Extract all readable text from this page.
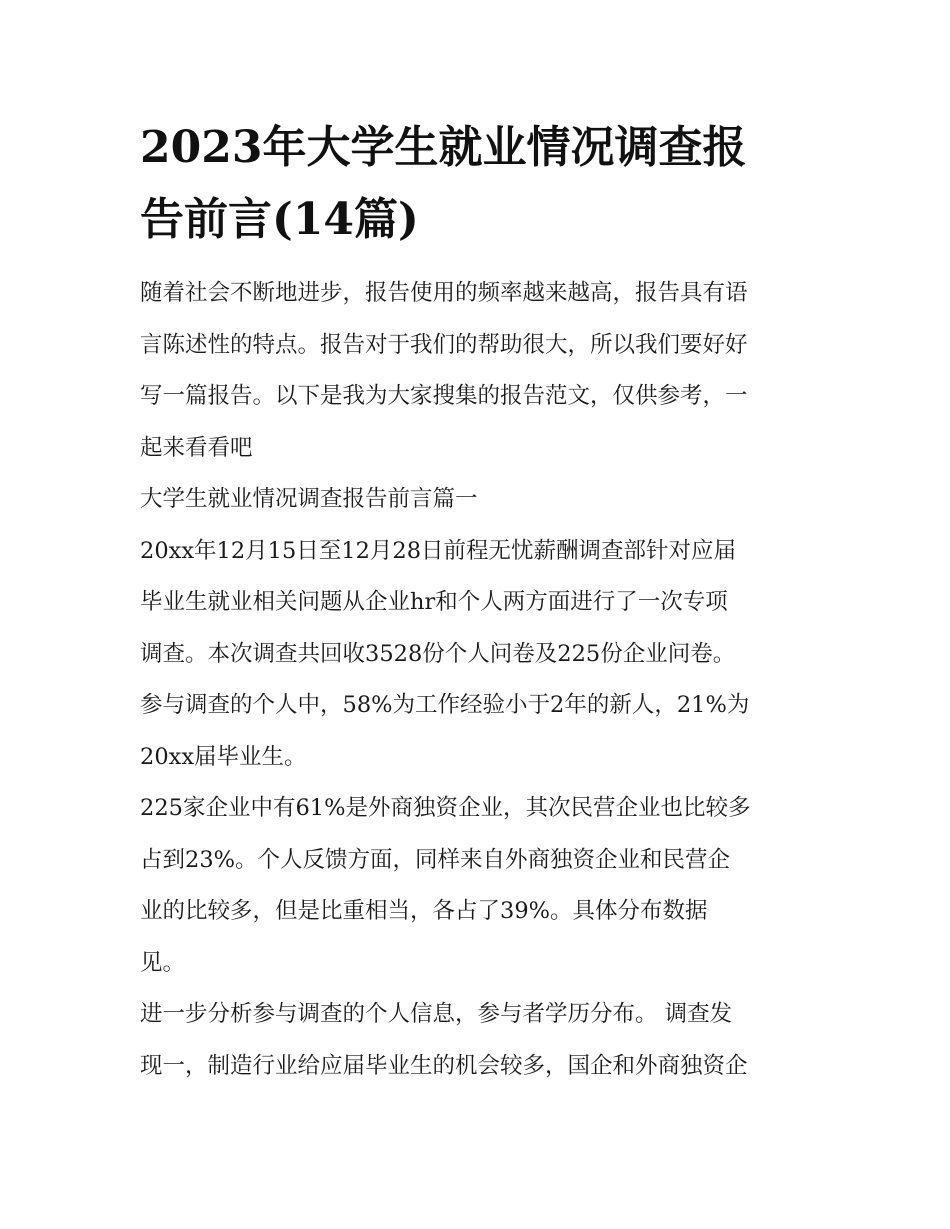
2023年大学生就业情况调查报
告前言(14篇)

随着社会不断地进步，报告使用的频率越来越高，报告具有语
言陈述性的特点。报告对于我们的帮助很大，所以我们要好好
写一篇报告。以下是我为大家搜集的报告范文，仅供参考，一
起来看看吧

大学生就业情况调查报告前言篇一

20xx年12月15日至12月28日前程无忧薪酬调查部针对应届
毕业生就业相关问题从企业hr和个人两方面进行了一次专项
调查。本次调查共回收3528份个人问卷及225份企业问卷。
参与调查的个人中，58%为工作经验小于2年的新人，21%为
20xx届毕业生。

225家企业中有61%是外商独资企业，其次民营企业也比较多
占到23%。个人反馈方面，同样来自外商独资企业和民营企
业的比较多，但是比重相当，各占了39%。具体分布数据
见。

进一步分析参与调查的个人信息，参与者学历分布。 调查发
现一，制造行业给应届毕业生的机会较多，国企和外商独资企
